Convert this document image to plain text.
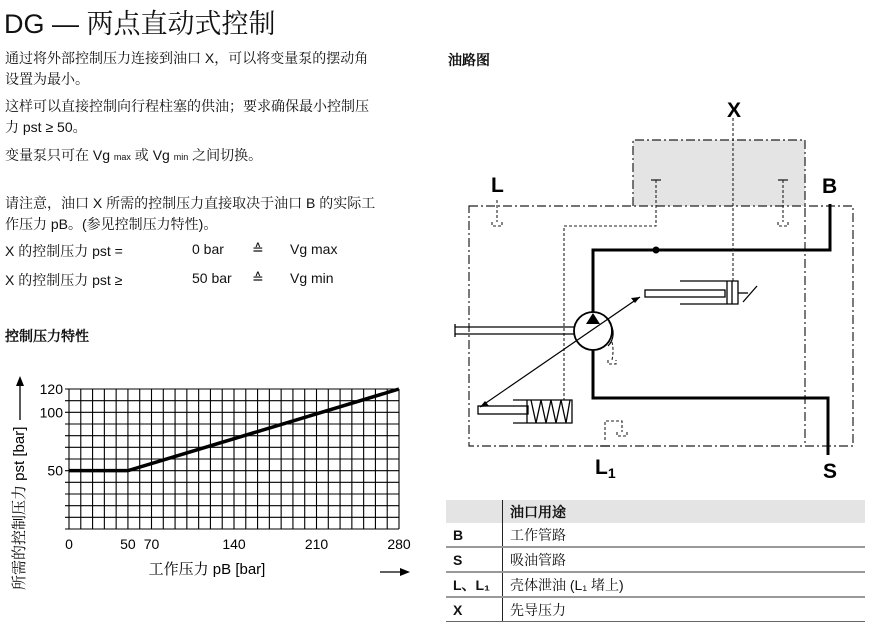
DG — 两点直动式控制
通过将外部控制压力连接到油口 X，可以将变量泵的摆动角
设置为最小。
这样可以直接控制向行程柱塞的供油；要求确保最小控制压
力 pst ≥ 50。
变量泵只可在 Vg max 或 Vg min 之间切换。
请注意，油口 X 所需的控制压力直接取决于油口 B 的实际工
作压力 pB。(参见控制压力特性)。
X 的控制压力 pst =	0 bar ≙ Vg max
X 的控制压力 pst ≥	50 bar ≙ Vg min
控制压力特性
油路图
0	50 70	140	210	280
50
100
120
工作压力 pB [bar]
所需的控制压力 pst [bar]
X
L	B
S
L1
	油口用途
B	工作管路
S	吸油管路
L、L₁	壳体泄油 (L₁ 堵上)
X	先导压力
